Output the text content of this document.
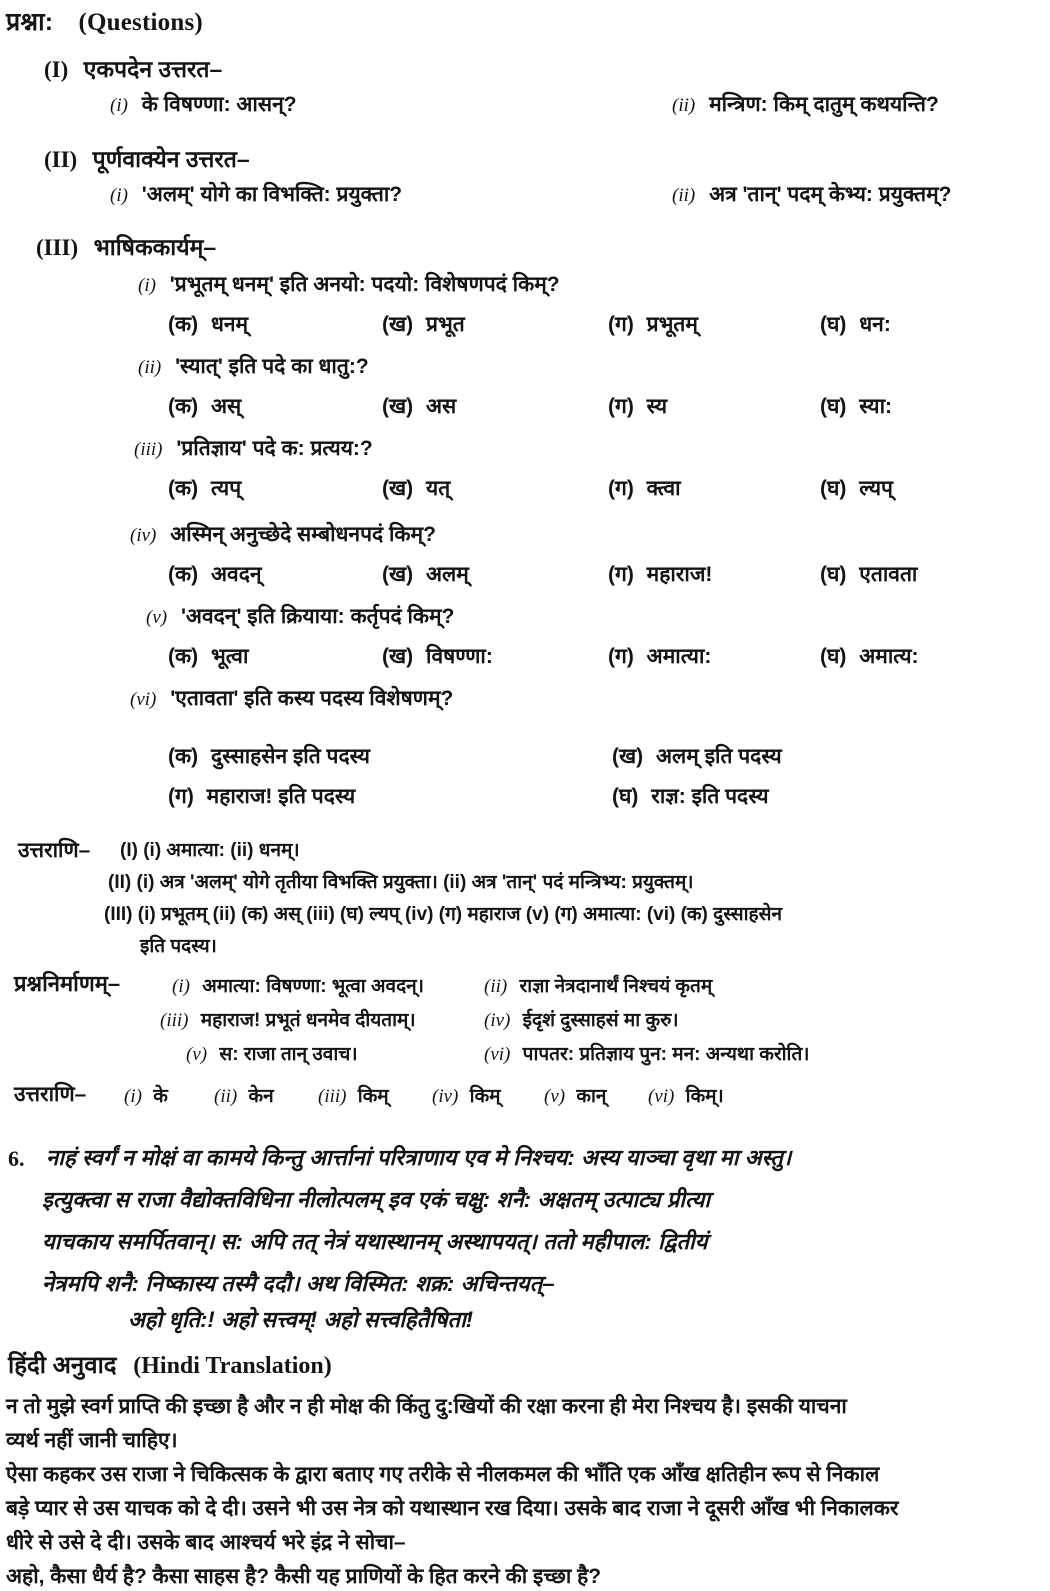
प्रश्ना: (Questions)
(I) एकपदेन उत्तरत–
(i) के विषण्णा: आसन्?	(ii) मन्त्रिण: किम् दातुम् कथयन्ति?
(II) पूर्णवाक्येन उत्तरत–
(i) 'अलम्' योगे का विभक्ति: प्रयुक्ता?	(ii) अत्र 'तान्' पदम् केभ्य: प्रयुक्तम्?
(III) भाषिककार्यम्–
(i) 'प्रभूतम् धनम्' इति अनयो: पदयो: विशेषणपदं किम्?
(क) धनम्	(ख) प्रभूत	(ग) प्रभूतम्	(घ) धन:
(ii) 'स्यात्' इति पदे का धातु:?
(क) अस्	(ख) अस	(ग) स्य	(घ) स्या:
(iii) 'प्रतिज्ञाय' पदे क: प्रत्यय:?
(क) त्यप्	(ख) यत्	(ग) क्त्वा	(घ) ल्यप्
(iv) अस्मिन् अनुच्छेदे सम्बोधनपदं किम्?
(क) अवदन्	(ख) अलम्	(ग) महाराज!	(घ) एतावता
(v) 'अवदन्' इति क्रियाया: कर्तृपदं किम्?
(क) भूत्वा	(ख) विषण्णा:	(ग) अमात्या:	(घ) अमात्य:
(vi) 'एतावता' इति कस्य पदस्य विशेषणम्?
(क) दुस्साहसेन इति पदस्य	(ख) अलम् इति पदस्य
(ग) महाराज! इति पदस्य	(घ) राज्ञ: इति पदस्य
उत्तराणि– (I) (i) अमात्या: (ii) धनम्।
(II) (i) अत्र 'अलम्' योगे तृतीया विभक्ति प्रयुक्ता। (ii) अत्र 'तान्' पदं मन्त्रिभ्य: प्रयुक्तम्।
(III) (i) प्रभूतम् (ii) (क) अस् (iii) (घ) ल्यप् (iv) (ग) महाराज (v) (ग) अमात्या: (vi) (क) दुस्साहसेन
इति पदस्य।
प्रश्ननिर्माणम्–	(i) अमात्या: विषण्णा: भूत्वा अवदन्।	(ii) राज्ञा नेत्रदानार्थं निश्चयं कृतम्
(iii) महाराज! प्रभूतं धनमेव दीयताम्।	(iv) ईदृशं दुस्साहसं मा कुरु।
(v) स: राजा तान् उवाच।	(vi) पापतर: प्रतिज्ञाय पुन: मन: अन्यथा करोति।
उत्तराणि– (i) के (ii) केन (iii) किम् (iv) किम् (v) कान् (vi) किम्।
6. नाहं स्वर्गं न मोक्षं वा कामये किन्तु आर्त्तानां परित्राणाय एव मे निश्चय: अस्य याञ्चा वृथा मा अस्तु।
इत्युक्त्वा स राजा वैद्योक्तविधिना नीलोत्पलम् इव एकं चक्षु: शनै: अक्षतम् उत्पाट्य प्रीत्या
याचकाय समर्पितवान्। स: अपि तत् नेत्रं यथास्थानम् अस्थापयत्। ततो महीपाल: द्वितीयं
नेत्रमपि शनै: निष्कास्य तस्मै ददौ। अथ विस्मित: शक्र: अचिन्तयत्–
अहो धृति:! अहो सत्त्वम्! अहो सत्त्वहितैषिता!
हिंदी अनुवाद (Hindi Translation)
न तो मुझे स्वर्ग प्राप्ति की इच्छा है और न ही मोक्ष की किंतु दु:खियों की रक्षा करना ही मेरा निश्चय है। इसकी याचना
व्यर्थ नहीं जानी चाहिए।
ऐसा कहकर उस राजा ने चिकित्सक के द्वारा बताए गए तरीके से नीलकमल की भाँति एक आँख क्षतिहीन रूप से निकाल
बड़े प्यार से उस याचक को दे दी। उसने भी उस नेत्र को यथास्थान रख दिया। उसके बाद राजा ने दूसरी आँख भी निकालकर
धीरे से उसे दे दी। उसके बाद आश्चर्य भरे इंद्र ने सोचा–
अहो, कैसा धैर्य है? कैसा साहस है? कैसी यह प्राणियों के हित करने की इच्छा है?
